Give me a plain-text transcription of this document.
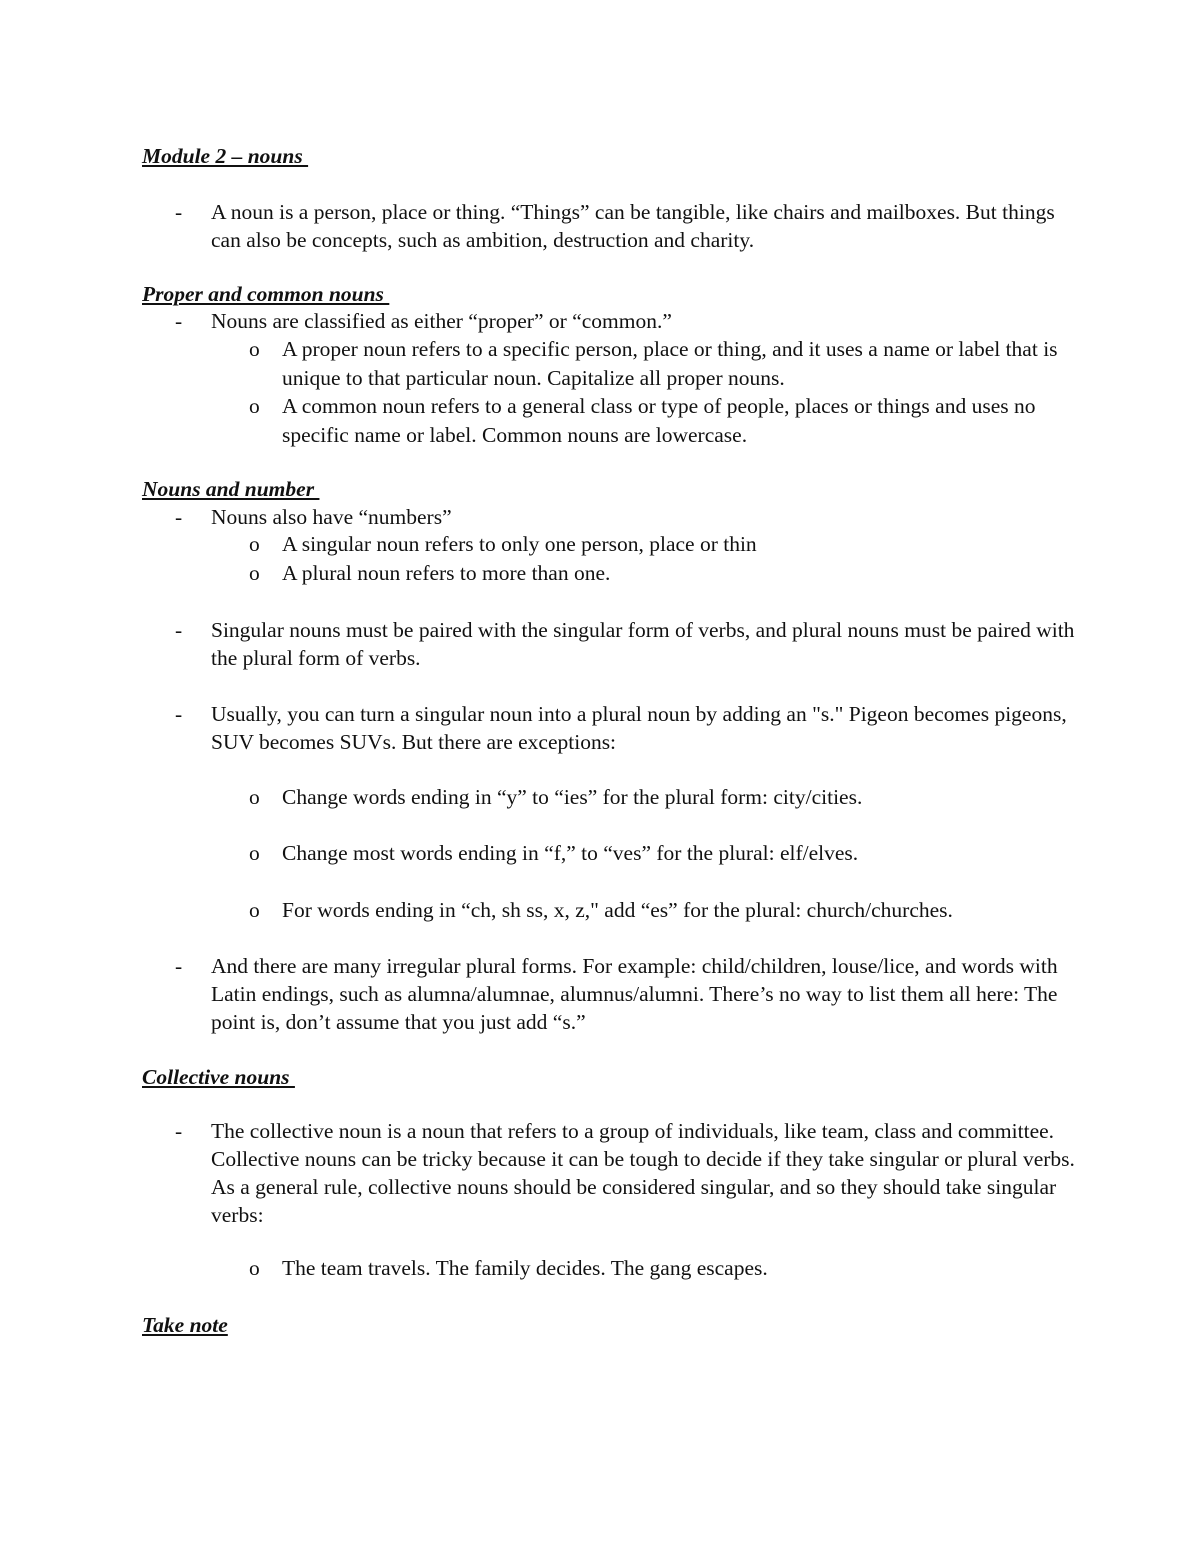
Module 2 – nouns
- A noun is a person, place or thing. “Things” can be tangible, like chairs and mailboxes. But things can also be concepts, such as ambition, destruction and charity.
Proper and common nouns
- Nouns are classified as either “proper” or “common.”
o A proper noun refers to a specific person, place or thing, and it uses a name or label that is unique to that particular noun. Capitalize all proper nouns.
o A common noun refers to a general class or type of people, places or things and uses no specific name or label. Common nouns are lowercase.
Nouns and number
- Nouns also have “numbers”
o A singular noun refers to only one person, place or thin
o A plural noun refers to more than one.
- Singular nouns must be paired with the singular form of verbs, and plural nouns must be paired with the plural form of verbs.
- Usually, you can turn a singular noun into a plural noun by adding an "s." Pigeon becomes pigeons, SUV becomes SUVs. But there are exceptions:
o Change words ending in “y” to “ies” for the plural form: city/cities.
o Change most words ending in “f,” to “ves” for the plural: elf/elves.
o For words ending in “ch, sh ss, x, z," add “es” for the plural: church/churches.
- And there are many irregular plural forms. For example: child/children, louse/lice, and words with Latin endings, such as alumna/alumnae, alumnus/alumni. There’s no way to list them all here: The point is, don’t assume that you just add “s.”
Collective nouns
- The collective noun is a noun that refers to a group of individuals, like team, class and committee. Collective nouns can be tricky because it can be tough to decide if they take singular or plural verbs. As a general rule, collective nouns should be considered singular, and so they should take singular verbs:
o The team travels. The family decides. The gang escapes.
Take note
